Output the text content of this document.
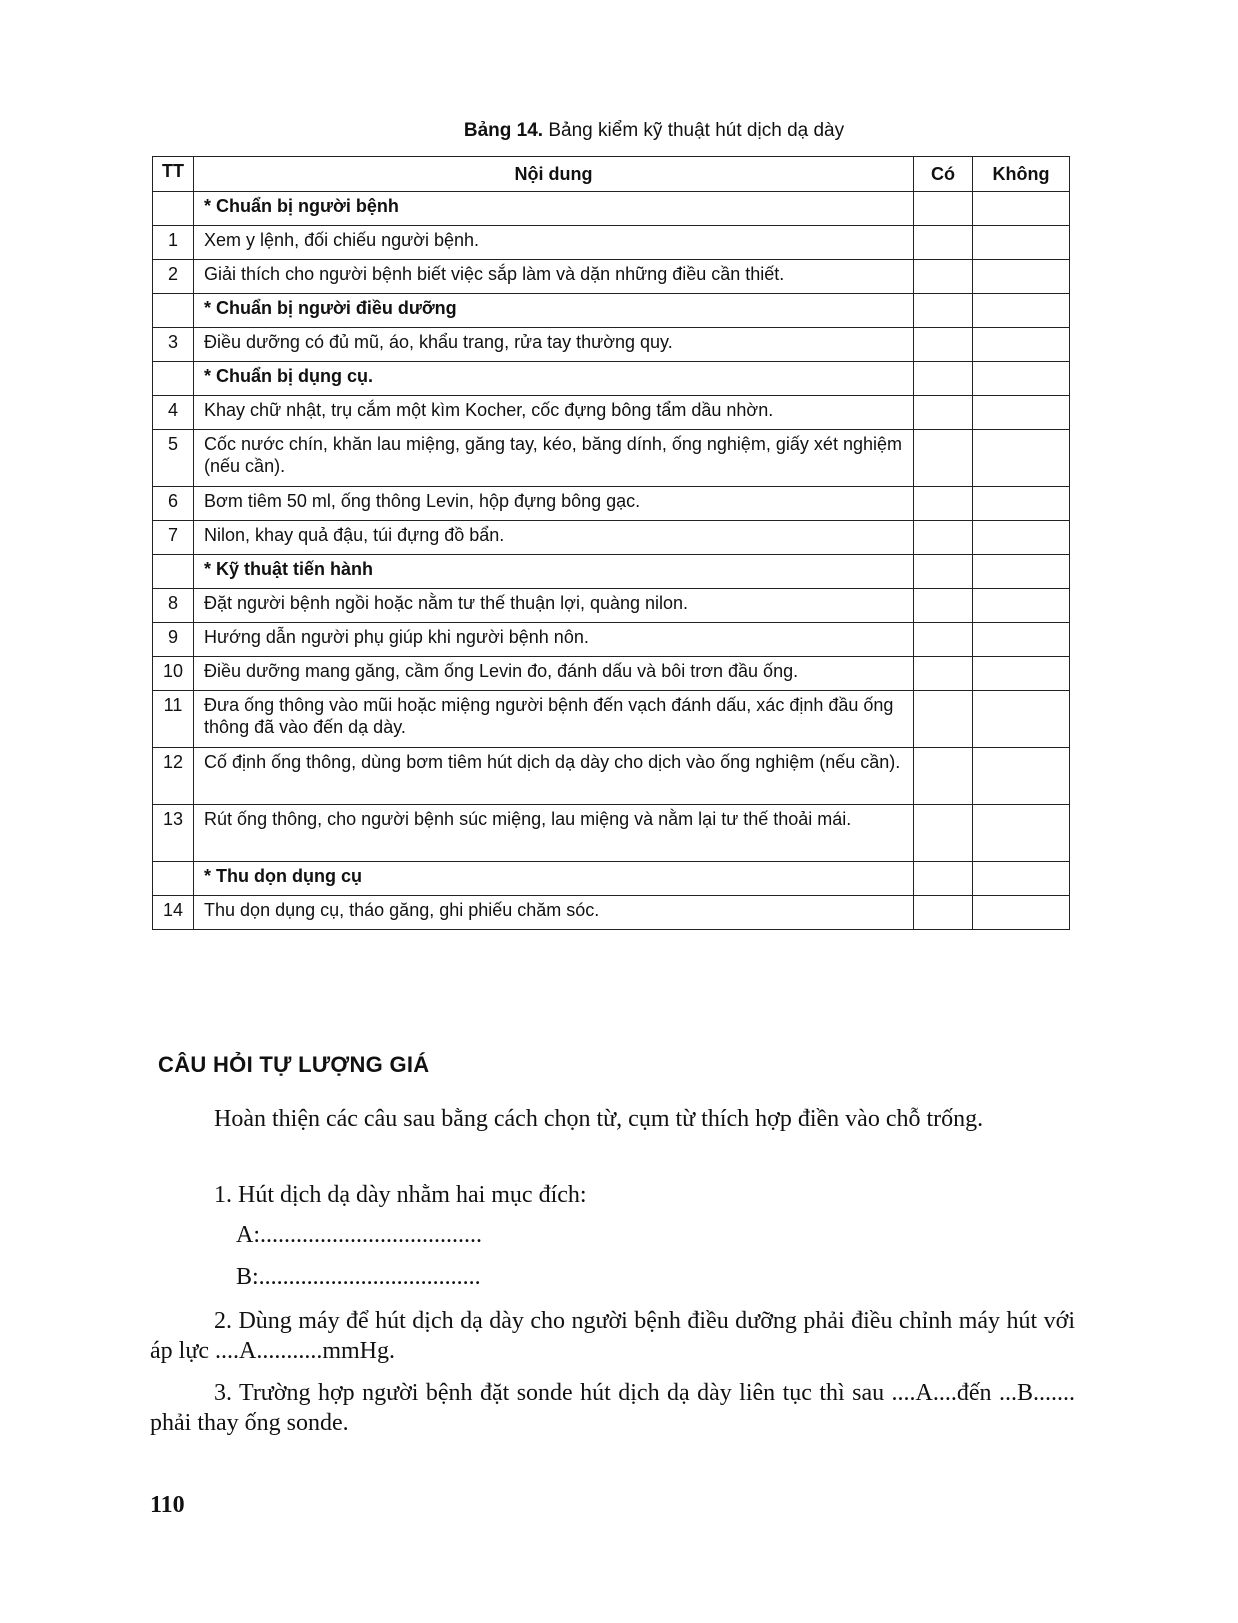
Bảng 14. Bảng kiểm kỹ thuật hút dịch dạ dày
TT	Nội dung	Có	Không
	* Chuẩn bị người bệnh		
1	Xem y lệnh, đối chiếu người bệnh.		
2	Giải thích cho người bệnh biết việc sắp làm và dặn những điều cần thiết.		
	* Chuẩn bị người điều dưỡng		
3	Điều dưỡng có đủ mũ, áo, khẩu trang, rửa tay thường quy.		
	* Chuẩn bị dụng cụ.		
4	Khay chữ nhật, trụ cắm một kìm Kocher, cốc đựng bông tẩm dầu nhờn.		
5	Cốc nước chín, khăn lau miệng, găng tay, kéo, băng dính, ống nghiệm, giấy xét nghiệm (nếu cần).		
6	Bơm tiêm 50 ml, ống thông Levin, hộp đựng bông gạc.		
7	Nilon, khay quả đậu, túi đựng đồ bẩn.		
	* Kỹ thuật tiến hành		
8	Đặt người bệnh ngồi hoặc nằm tư thế thuận lợi, quàng nilon.		
9	Hướng dẫn người phụ giúp khi người bệnh nôn.		
10	Điều dưỡng mang găng, cầm ống Levin đo, đánh dấu và bôi trơn đầu ống.		
11	Đưa ống thông vào mũi hoặc miệng người bệnh đến vạch đánh dấu, xác định đầu ống thông đã vào đến dạ dày.		
12	Cố định ống thông, dùng bơm tiêm hút dịch dạ dày cho dịch vào ống nghiệm (nếu cần).		
13	Rút ống thông, cho người bệnh súc miệng, lau miệng và nằm lại tư thế thoải mái.		
	* Thu dọn dụng cụ		
14	Thu dọn dụng cụ, tháo găng, ghi phiếu chăm sóc.		
CÂU HỎI TỰ LƯỢNG GIÁ
Hoàn thiện các câu sau bằng cách chọn từ, cụm từ thích hợp điền vào chỗ trống.
1. Hút dịch dạ dày nhằm hai mục đích:
A:.....................................
B:.....................................
2. Dùng máy để hút dịch dạ dày cho người bệnh điều dưỡng phải điều chỉnh máy hút với áp lực ....A...........mmHg.
3. Trường hợp người bệnh đặt sonde hút dịch dạ dày liên tục thì sau ....A....đến ...B....... phải thay ống sonde.
110
